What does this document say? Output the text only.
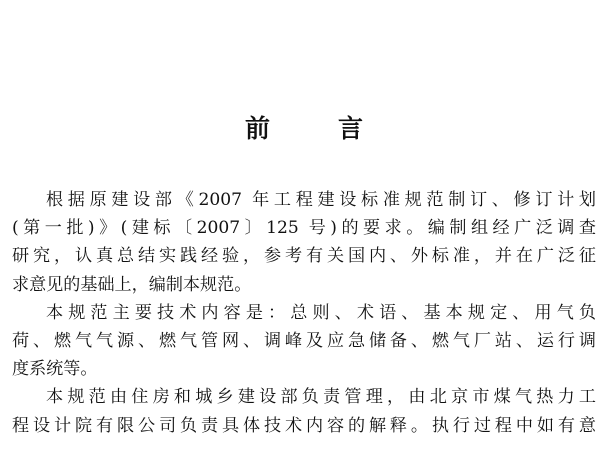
前	言
根据原建设部《2007 年工程建设标准规范制订、修订计划
(第一批)》(建标〔2007〕125 号)的要求。编制组经广泛调查
研究，认真总结实践经验，参考有关国内、外标准，并在广泛征
求意见的基础上，编制本规范。
本规范主要技术内容是：总则、术语、基本规定、用气负
荷、燃气气源、燃气管网、调峰及应急储备、燃气厂站、运行调
度系统等。
本规范由住房和城乡建设部负责管理，由北京市煤气热力工
程设计院有限公司负责具体技术内容的解释。执行过程中如有意
